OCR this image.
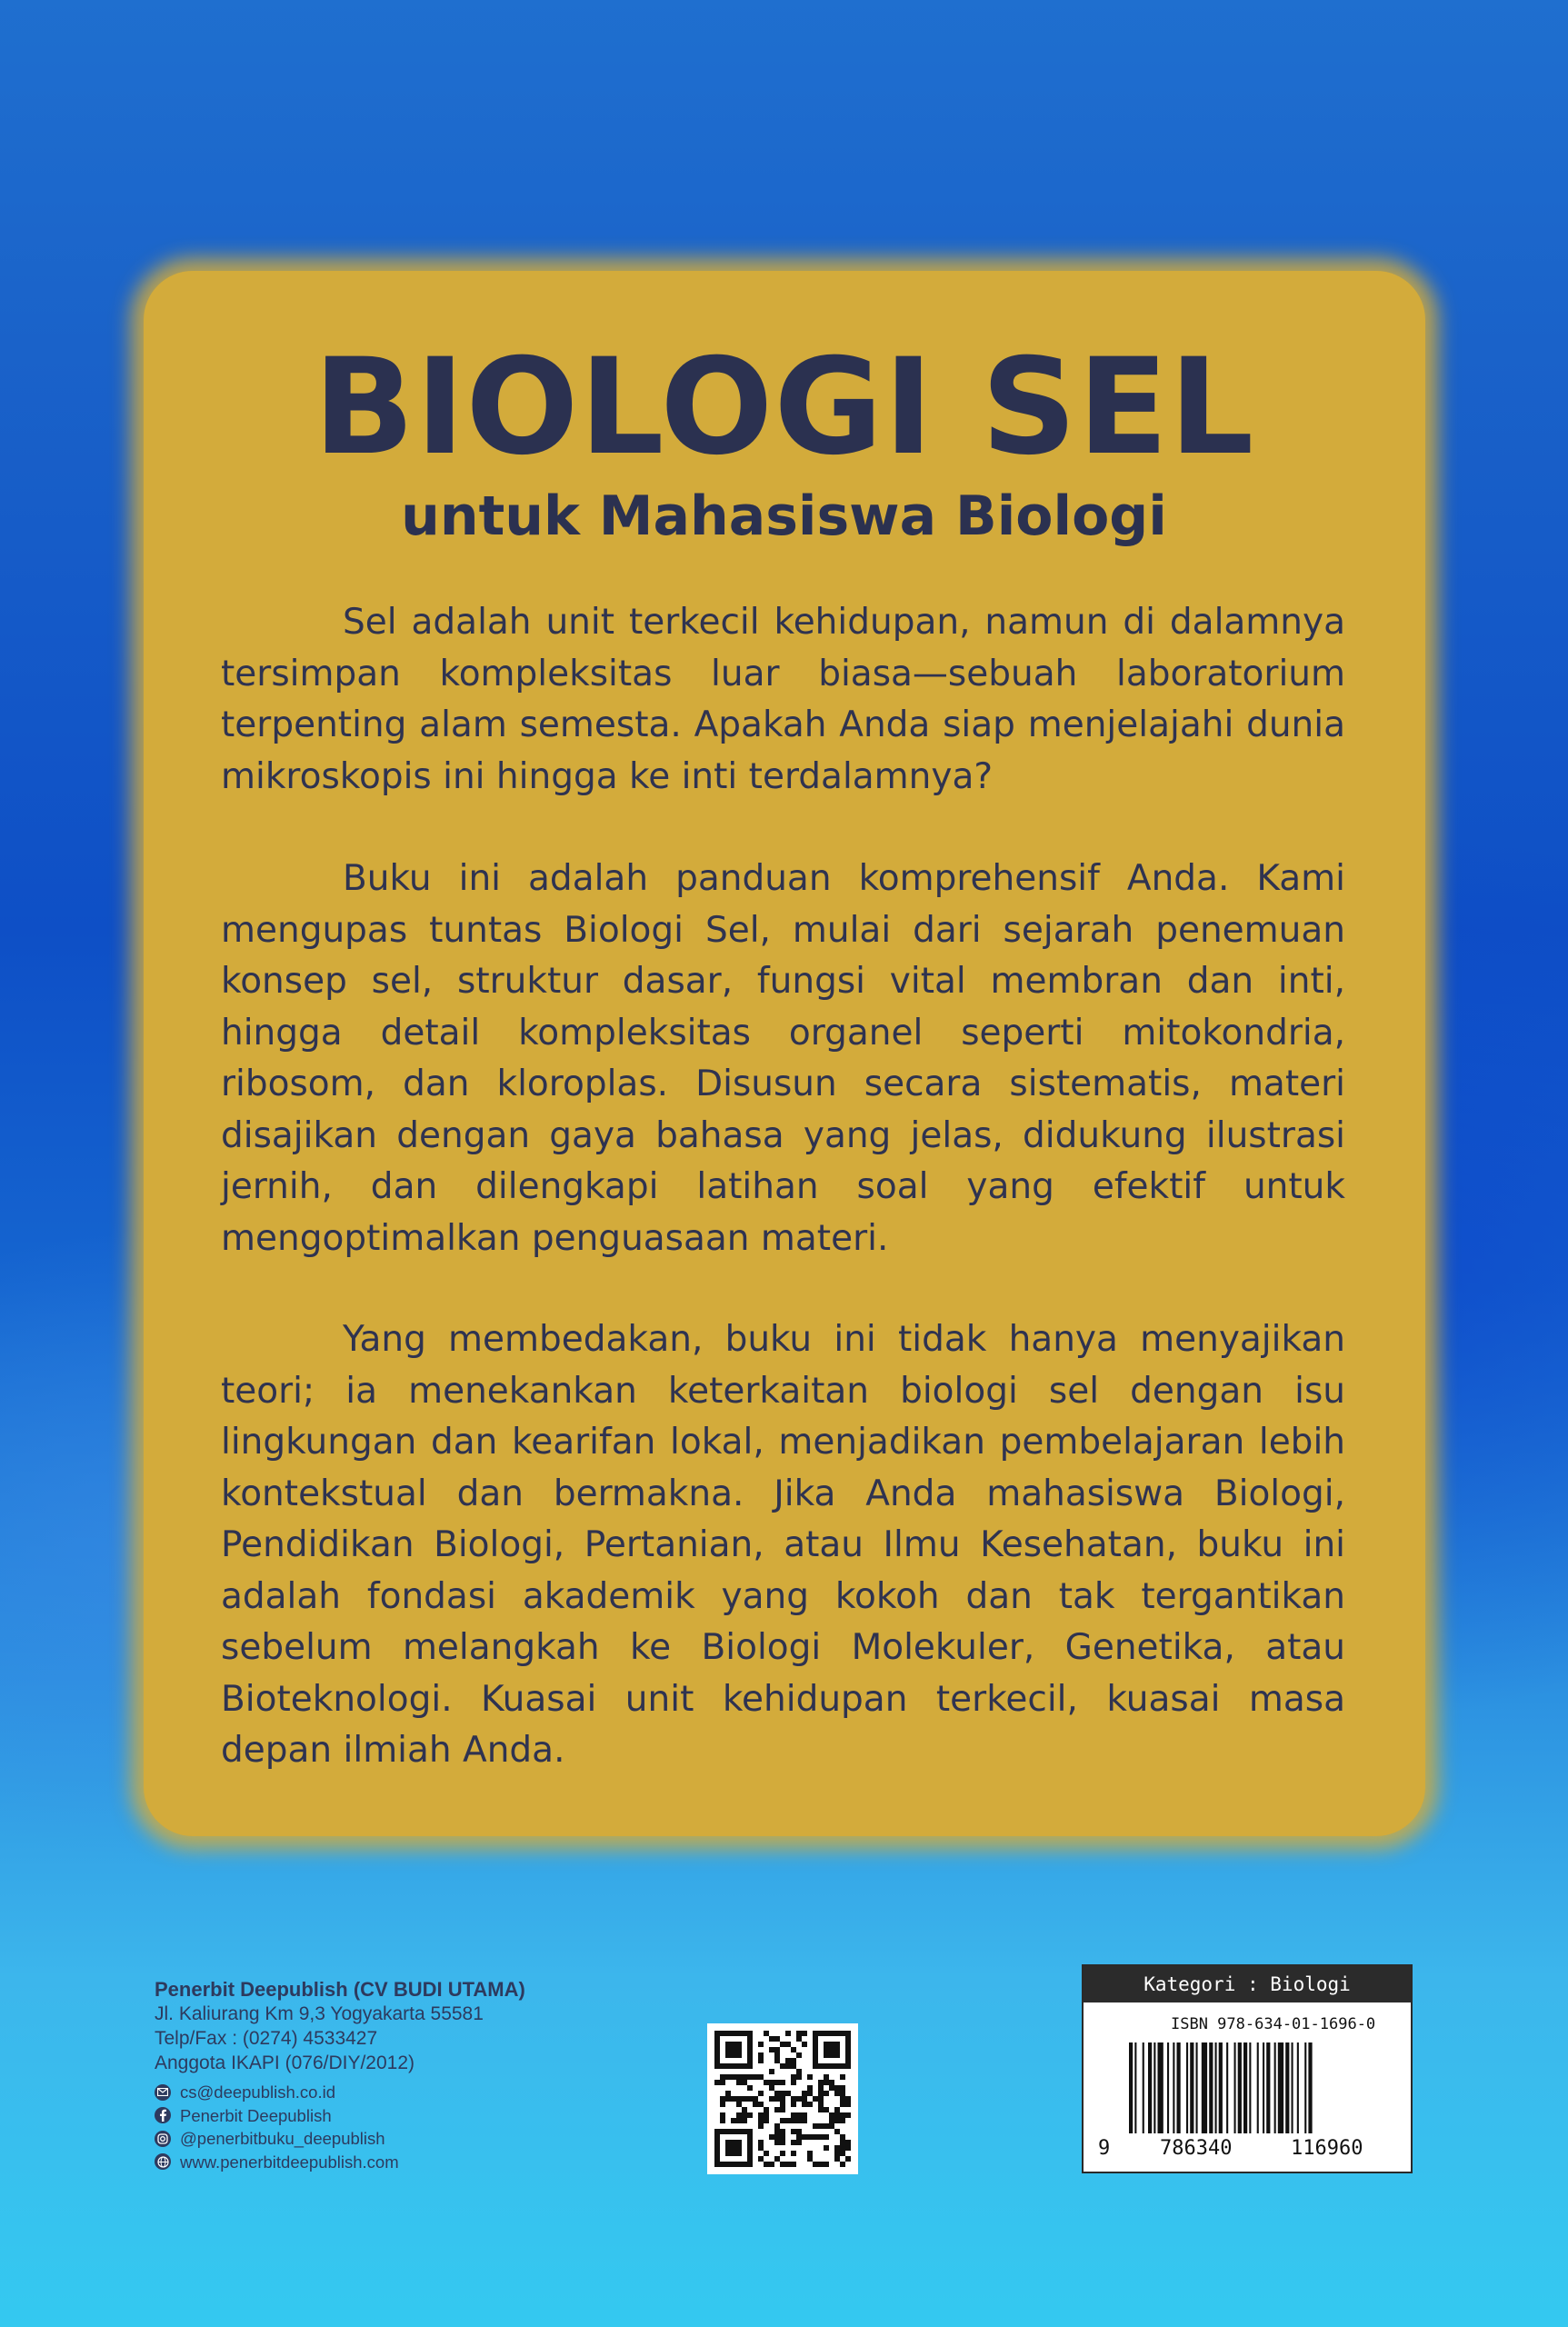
BIOLOGI SEL
untuk Mahasiswa Biologi

Sel adalah unit terkecil kehidupan, namun di dalamnya tersimpan kompleksitas luar biasa—sebuah laboratorium terpenting alam semesta. Apakah Anda siap menjelajahi dunia mikroskopis ini hingga ke inti terdalamnya?

Buku ini adalah panduan komprehensif Anda. Kami mengupas tuntas Biologi Sel, mulai dari sejarah penemuan konsep sel, struktur dasar, fungsi vital membran dan inti, hingga detail kompleksitas organel seperti mitokondria, ribosom, dan kloroplas. Disusun secara sistematis, materi disajikan dengan gaya bahasa yang jelas, didukung ilustrasi jernih, dan dilengkapi latihan soal yang efektif untuk mengoptimalkan penguasaan materi.

Yang membedakan, buku ini tidak hanya menyajikan teori; ia menekankan keterkaitan biologi sel dengan isu lingkungan dan kearifan lokal, menjadikan pembelajaran lebih kontekstual dan bermakna. Jika Anda mahasiswa Biologi, Pendidikan Biologi, Pertanian, atau Ilmu Kesehatan, buku ini adalah fondasi akademik yang kokoh dan tak tergantikan sebelum melangkah ke Biologi Molekuler, Genetika, atau Bioteknologi. Kuasai unit kehidupan terkecil, kuasai masa depan ilmiah Anda.

Penerbit Deepublish (CV BUDI UTAMA)
Jl. Kaliurang Km 9,3 Yogyakarta 55581
Telp/Fax : (0274) 4533427
Anggota IKAPI (076/DIY/2012)
cs@deepublish.co.id
Penerbit Deepublish
@penerbitbuku_deepublish
www.penerbitdeepublish.com
Kategori : Biologi
ISBN 978-634-01-1696-0
9 786340	116960
